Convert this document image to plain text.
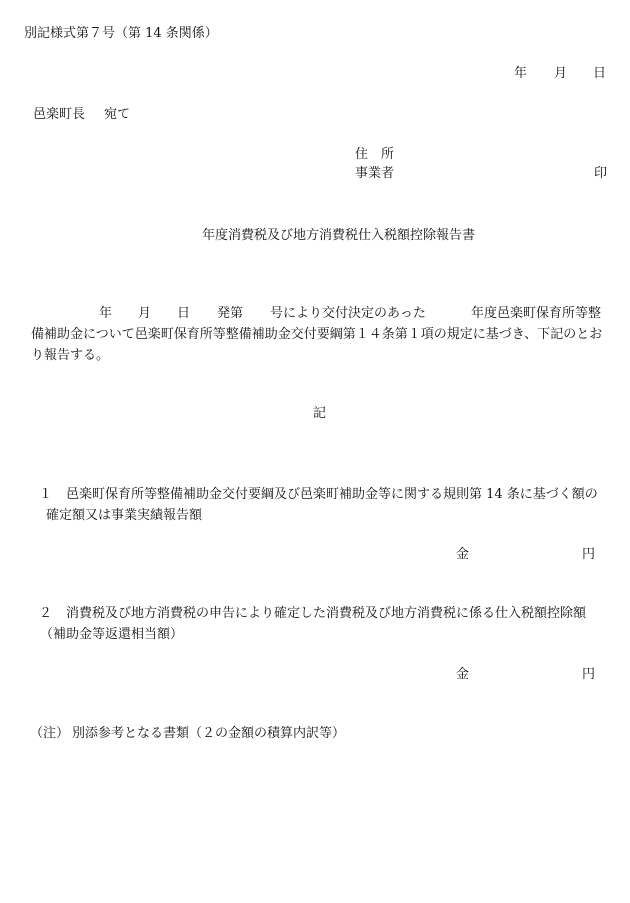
別記様式第７号（第 14 条関係）
年 月 日
邑楽町長 宛て
住　所
事業者	印
年度消費税及び地方消費税仕入税額控除報告書
年 月 日 発第 号により交付決定のあった	年度邑楽町保育所等整
備補助金について邑楽町保育所等整備補助金交付要綱第１４条第１項の規定に基づき、下記のとお
り報告する。
記
１ 邑楽町保育所等整備補助金交付要綱及び邑楽町補助金等に関する規則第 14 条に基づく額の
確定額又は事業実績報告額
金	円
２ 消費税及び地方消費税の申告により確定した消費税及び地方消費税に係る仕入税額控除額
（補助金等返還相当額）
金	円
（注） 別添参考となる書類（２の金額の積算内訳等）
